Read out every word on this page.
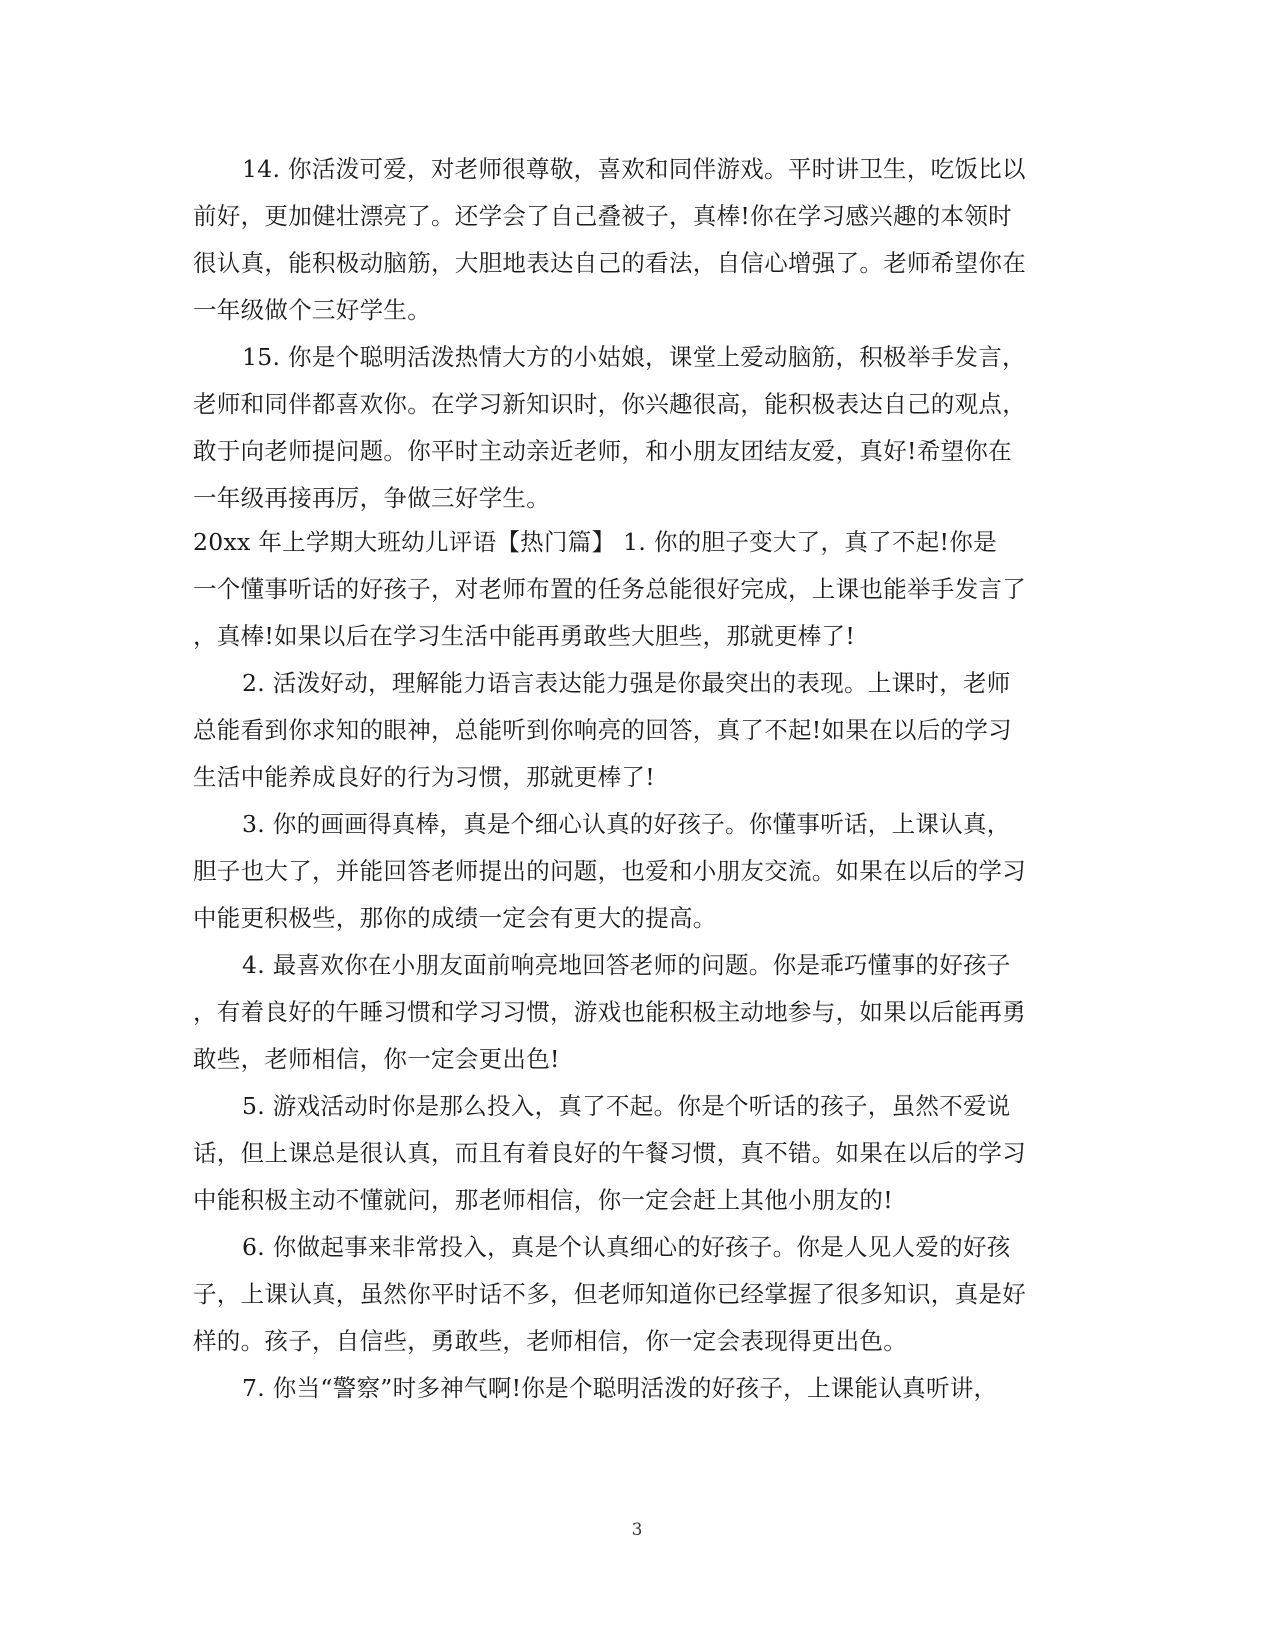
14. 你活泼可爱，对老师很尊敬，喜欢和同伴游戏。平时讲卫生，吃饭比以
前好，更加健壮漂亮了。还学会了自己叠被子，真棒!你在学习感兴趣的本领时
很认真，能积极动脑筋，大胆地表达自己的看法，自信心增强了。老师希望你在
一年级做个三好学生。
15. 你是个聪明活泼热情大方的小姑娘，课堂上爱动脑筋，积极举手发言，
老师和同伴都喜欢你。在学习新知识时，你兴趣很高，能积极表达自己的观点，
敢于向老师提问题。你平时主动亲近老师，和小朋友团结友爱，真好!希望你在
一年级再接再厉，争做三好学生。
20xx 年上学期大班幼儿评语【热门篇】 1. 你的胆子变大了，真了不起!你是
一个懂事听话的好孩子，对老师布置的任务总能很好完成，上课也能举手发言了
，真棒!如果以后在学习生活中能再勇敢些大胆些，那就更棒了!
2. 活泼好动，理解能力语言表达能力强是你最突出的表现。上课时，老师
总能看到你求知的眼神，总能听到你响亮的回答，真了不起!如果在以后的学习
生活中能养成良好的行为习惯，那就更棒了!
3. 你的画画得真棒，真是个细心认真的好孩子。你懂事听话，上课认真，
胆子也大了，并能回答老师提出的问题，也爱和小朋友交流。如果在以后的学习
中能更积极些，那你的成绩一定会有更大的提高。
4. 最喜欢你在小朋友面前响亮地回答老师的问题。你是乖巧懂事的好孩子
，有着良好的午睡习惯和学习习惯，游戏也能积极主动地参与，如果以后能再勇
敢些，老师相信，你一定会更出色!
5. 游戏活动时你是那么投入，真了不起。你是个听话的孩子，虽然不爱说
话，但上课总是很认真，而且有着良好的午餐习惯，真不错。如果在以后的学习
中能积极主动不懂就问，那老师相信，你一定会赶上其他小朋友的!
6. 你做起事来非常投入，真是个认真细心的好孩子。你是人见人爱的好孩
子，上课认真，虽然你平时话不多，但老师知道你已经掌握了很多知识，真是好
样的。孩子，自信些，勇敢些，老师相信，你一定会表现得更出色。
7. 你当“警察”时多神气啊!你是个聪明活泼的好孩子，上课能认真听讲，
3
